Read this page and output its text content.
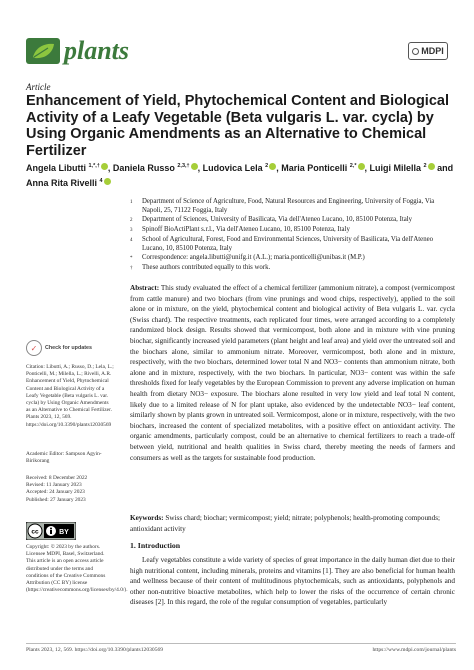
plants	MDPI
Article
Enhancement of Yield, Phytochemical Content and Biological Activity of a Leafy Vegetable (Beta vulgaris L. var. cycla) by Using Organic Amendments as an Alternative to Chemical Fertilizer
Angela Libutti $^{1,*,\dagger}$ , Daniela Russo $^{2,3,\dagger}$ , Ludovica Lela $^2$ , Maria Ponticelli $^{2,*}$ , Luigi Milella $^2$ and Anna Rita Rivelli $^4$
1	Department of Science of Agriculture, Food, Natural Resources and Engineering, University of Foggia, Via Napoli, 25, 71122 Foggia, Italy
2	Department of Sciences, University of Basilicata, Via dell'Ateneo Lucano, 10, 85100 Potenza, Italy
3	Spinoff BioActiPlant s.r.l., Via dell'Ateneo Lucano, 10, 85100 Potenza, Italy
4	School of Agricultural, Forest, Food and Environmental Sciences, University of Basilicata, Via dell'Ateneo Lucano, 10, 85100 Potenza, Italy
*	Correspondence: angela.libutti@unifg.it (A.L.); maria.ponticelli@unibas.it (M.P.)
†	These authors contributed equally to this work.
✓	Check for updates
Citation: Libutti, A.; Russo, D.; Lela, L.; Ponticelli, M.; Milella, L.; Rivelli, A.R. Enhancement of Yield, Phytochemical Content and Biological Activity of a Leafy Vegetable (Beta vulgaris L. var. cycla) by Using Organic Amendments as an Alternative to Chemical Fertilizer. Plants 2023, 12, 569. https://doi.org/10.3390/plants12030569
Academic Editor: Sampson Agyin-Birikorang
Received: 8 December 2022
Revised: 11 January 2023
Accepted: 24 January 2023
Published: 27 January 2023
cc	BY
Copyright: © 2023 by the authors. Licensee MDPI, Basel, Switzerland. This article is an open access article distributed under the terms and conditions of the Creative Commons Attribution (CC BY) license (https://creativecommons.org/licenses/by/4.0/).
Abstract: This study evaluated the effect of a chemical fertilizer (ammonium nitrate), a compost (vermicompost from cattle manure) and two biochars (from vine prunings and wood chips, respectively), applied to the soil alone or in mixture, on the yield, phytochemical content and biological activity of Beta vulgaris L. var. cycla (Swiss chard). The respective treatments, each replicated four times, were arranged according to a completely randomized block design. Results showed that vermicompost, both alone and in mixture with vine pruning biochar, significantly increased yield parameters (plant height and leaf area) and yield over the untreated soil and the biochars alone, similar to ammonium nitrate. Moreover, vermicompost, both alone and in mixture, respectively, with the two biochars, determined lower total N and NO3− contents than ammonium nitrate, both alone and in mixture, respectively, with the two biochars. In particular, NO3− content was within the safe thresholds fixed for leafy vegetables by the European Commission to prevent any adverse implication on human health from dietary NO3− exposure. The biochars alone resulted in very low yield and leaf total N content, likely due to a limited release of N for plant uptake, also evidenced by the undetectable NO3− leaf content, similarly shown by plants grown in untreated soil. Vermicompost, alone or in mixture, respectively, with the two biochars, increased the content of specialized metabolites, with a positive effect on antioxidant activity. The organic amendments, particularly compost, could be an alternative to chemical fertilizers to reach a trade-off between yield, nutritional and health qualities in Swiss chard, thereby meeting the needs of farmers and consumers as well as the targets for sustainable food production.
Keywords: Swiss chard; biochar; vermicompost; yield; nitrate; polyphenols; health-promoting compounds; antioxidant activity
1. Introduction
Leafy vegetables constitute a wide variety of species of great importance in the daily human diet due to their high nutritional content, including minerals, proteins and vitamins [1]. They are also beneficial for human health and wellness because of their content of multitudinous phytochemicals, such as antioxidants, polyphenols and other non-nutritive bioactive metabolites, which help to lower the risks of the occurrence of certain chronic diseases [2]. In this regard, the role of the regular consumption of vegetables, particularly
Plants 2023, 12, 569. https://doi.org/10.3390/plants12030569	https://www.mdpi.com/journal/plants
